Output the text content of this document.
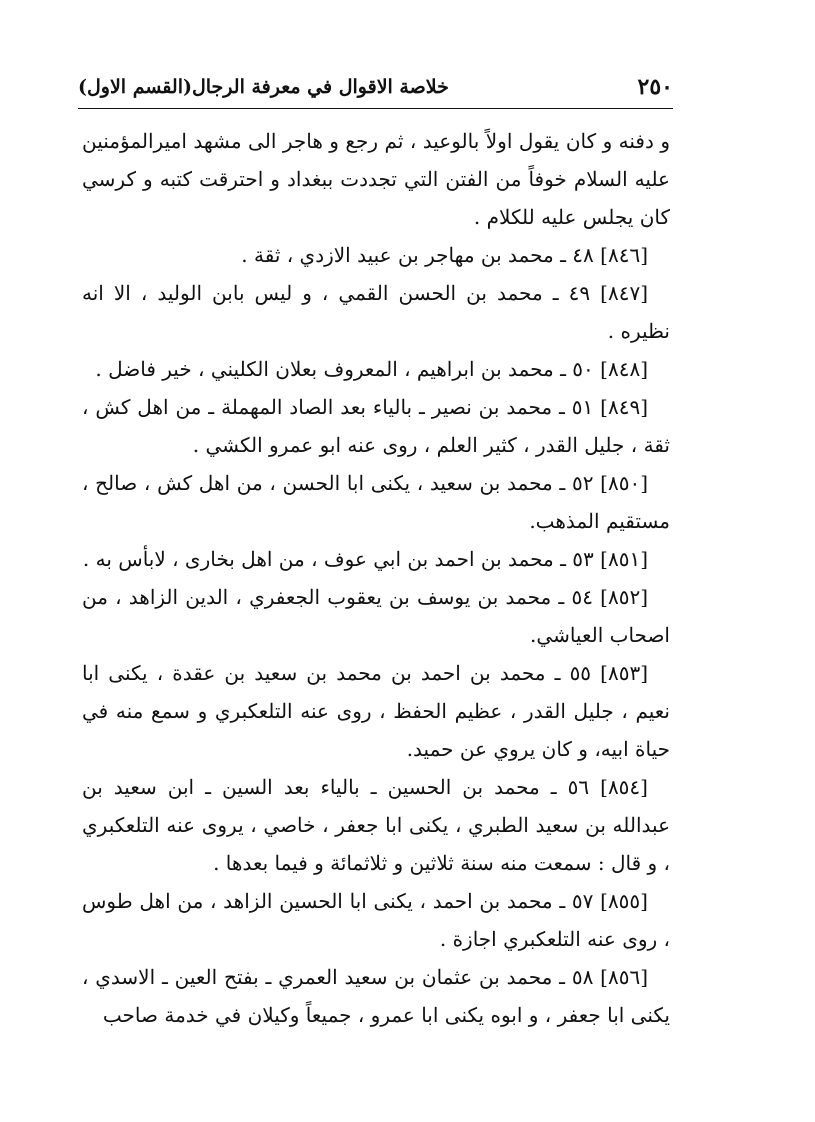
٢٥٠
خلاصة الاقوال في معرفة الرجال(القسم الاول)

و دفنه و كان يقول اولاً بالوعيد ، ثم رجع و هاجر الى مشهد اميرالمؤمنين عليه السلام خوفاً من الفتن التي تجددت ببغداد و احترقت كتبه و كرسي كان يجلس عليه للكلام .

[٨٤٦] ٤٨ ـ محمد بن مهاجر بن عبيد الازدي ، ثقة .

[٨٤٧] ٤٩ ـ محمد بن الحسن القمي ، و ليس بابن الوليد ، الا انه نظيره .

[٨٤٨] ٥٠ ـ محمد بن ابراهيم ، المعروف بعلان الكليني ، خير فاضل .

[٨٤٩] ٥١ ـ محمد بن نصير ـ بالياء بعد الصاد المهملة ـ من اهل كش ، ثقة ، جليل القدر ، كثير العلم ، روى عنه ابو عمرو الكشي .

[٨٥٠] ٥٢ ـ محمد بن سعيد ، يكنى ابا الحسن ، من اهل كش ، صالح ، مستقيم المذهب.

[٨٥١] ٥٣ ـ محمد بن احمد بن ابي عوف ، من اهل بخارى ، لابأس به .

[٨٥٢] ٥٤ ـ محمد بن يوسف بن يعقوب الجعفري ، الدين الزاهد ، من اصحاب العياشي.

[٨٥٣] ٥٥ ـ محمد بن احمد بن محمد بن سعيد بن عقدة ، يكنى ابا نعيم ، جليل القدر ، عظيم الحفظ ، روى عنه التلعكبري و سمع منه في حياة ابيه، و كان يروي عن حميد.

[٨٥٤] ٥٦ ـ محمد بن الحسين ـ بالياء بعد السين ـ ابن سعيد بن عبدالله بن سعيد الطبري ، يكنى ابا جعفر ، خاصي ، يروى عنه التلعكبري ، و قال : سمعت منه سنة ثلاثين و ثلاثمائة و فيما بعدها .

[٨٥٥] ٥٧ ـ محمد بن احمد ، يكنى ابا الحسين الزاهد ، من اهل طوس ، روى عنه التلعكبري اجازة .

[٨٥٦] ٥٨ ـ محمد بن عثمان بن سعيد العمري ـ بفتح العين ـ الاسدي ، يكنى ابا جعفر ، و ابوه يكنى ابا عمرو ، جميعاً وكيلان في خدمة صاحب
